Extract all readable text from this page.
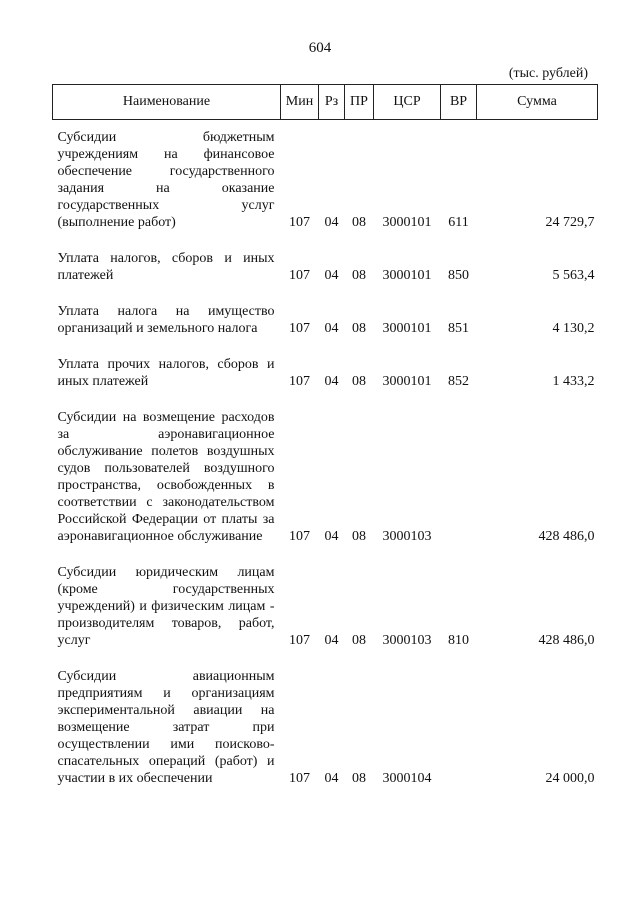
604
(тыс. рублей)
Наименование	Мин	Рз	ПР	ЦСР	ВР	Сумма
Субсидии бюджетным учреждениям на финансовое обеспечение государственного задания на оказание государственных услуг (выполнение работ)	107	04	08	3000101	611	24 729,7
Уплата налогов, сборов и иных платежей	107	04	08	3000101	850	5 563,4
Уплата налога на имущество организаций и земельного налога	107	04	08	3000101	851	4 130,2
Уплата прочих налогов, сборов и иных платежей	107	04	08	3000101	852	1 433,2
Субсидии на возмещение расходов за аэронавигационное обслуживание полетов воздушных судов пользователей воздушного пространства, освобожденных в соответствии с законодательством Российской Федерации от платы за аэронавигационное обслуживание	107	04	08	3000103		428 486,0
Субсидии юридическим лицам (кроме государственных учреждений) и физическим лицам - производителям товаров, работ, услуг	107	04	08	3000103	810	428 486,0
Субсидии авиационным предприятиям и организациям экспериментальной авиации на возмещение затрат при осуществлении ими поисково-спасательных операций (работ) и участии в их обеспечении	107	04	08	3000104		24 000,0
